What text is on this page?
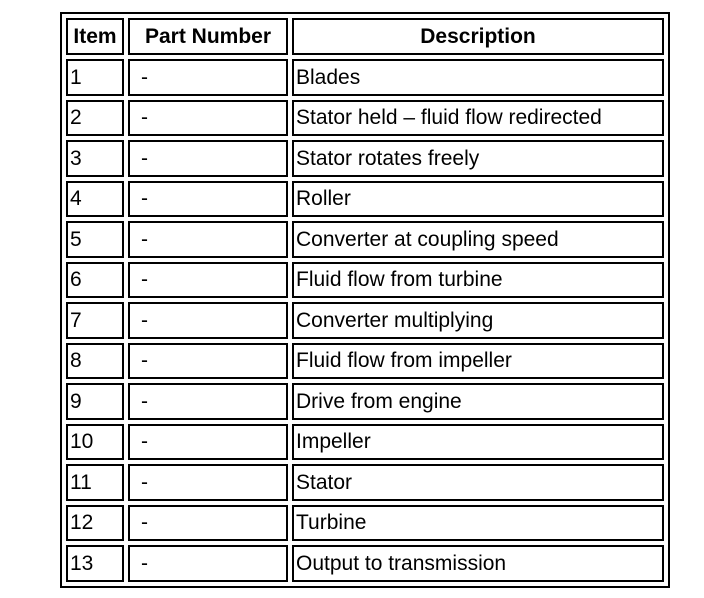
Item	Part Number	Description
1	-	Blades
2	-	Stator held – fluid flow redirected
3	-	Stator rotates freely
4	-	Roller
5	-	Converter at coupling speed
6	-	Fluid flow from turbine
7	-	Converter multiplying
8	-	Fluid flow from impeller
9	-	Drive from engine
10	-	Impeller
11	-	Stator
12	-	Turbine
13	-	Output to transmission
